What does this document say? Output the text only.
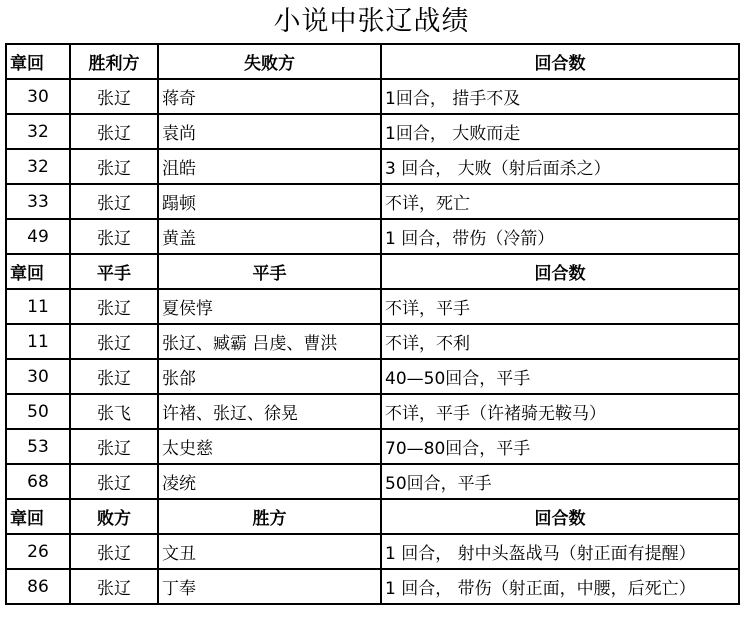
小说中张辽战绩
章回	胜利方	失败方	回合数
30	张辽	蒋奇	1回合， 措手不及
32	张辽	袁尚	1回合， 大败而走
32	张辽	沮皓	3 回合， 大败（射后面杀之）
33	张辽	蹋顿	不详，死亡
49	张辽	黄盖	1 回合，带伤（冷箭）
章回	平手	平手	回合数
11	张辽	夏侯惇	不详，平手
11	张辽	张辽、臧霸 吕虔、曹洪	不详，不利
30	张辽	张郃	40—50回合，平手
50	张飞	许褚、张辽、徐晃	不详，平手（许褚骑无鞍马）
53	张辽	太史慈	70—80回合，平手
68	张辽	凌统	50回合，平手
章回	败方	胜方	回合数
26	张辽	文丑	1 回合， 射中头盔战马（射正面有提醒）
86	张辽	丁奉	1 回合， 带伤（射正面，中腰，后死亡）
